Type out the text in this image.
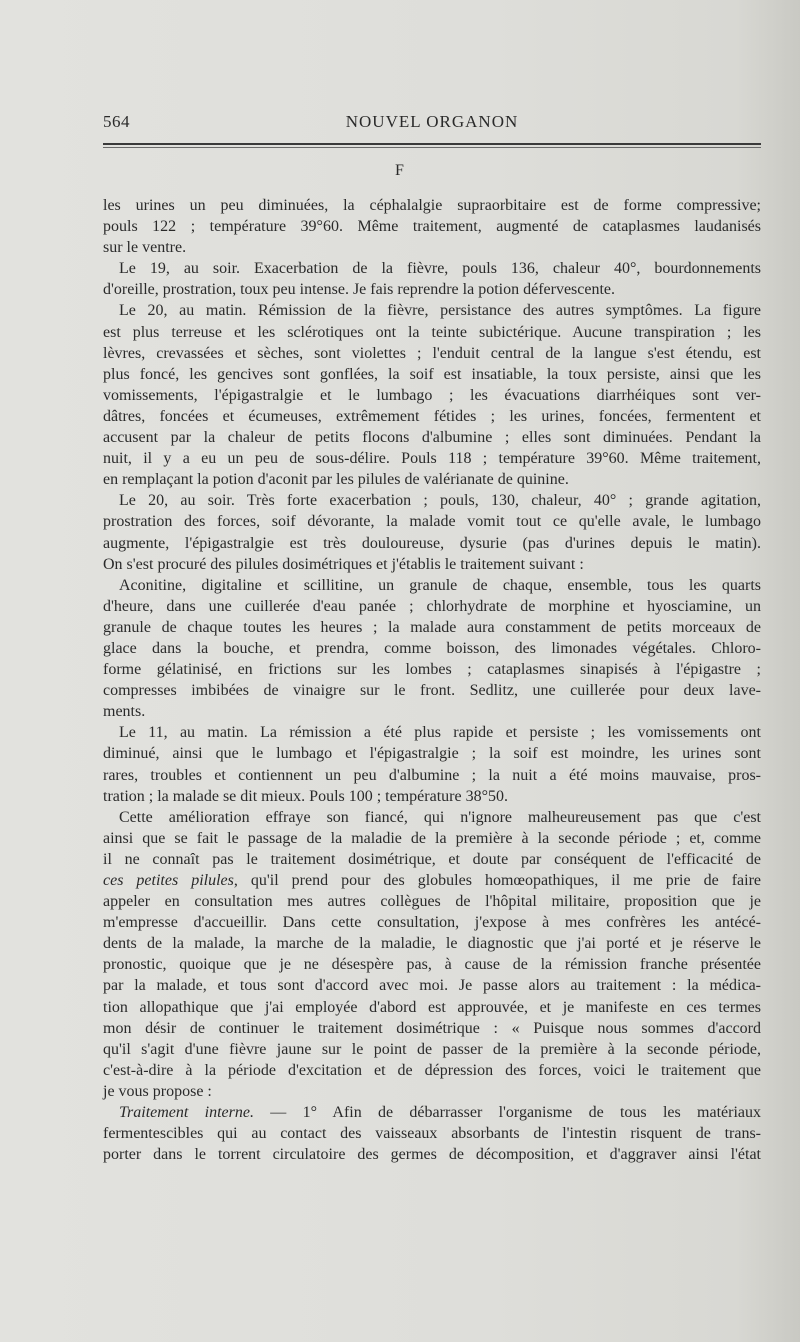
564	NOUVEL ORGANON
F
les urines un peu diminuées, la céphalalgie supraorbitaire est de forme compressive;
pouls 122 ; température 39°60. Même traitement, augmenté de cataplasmes laudanisés
sur le ventre.
Le 19, au soir. Exacerbation de la fièvre, pouls 136, chaleur 40°, bourdonnements
d'oreille, prostration, toux peu intense. Je fais reprendre la potion défervescente.
Le 20, au matin. Rémission de la fièvre, persistance des autres symptômes. La figure
est plus terreuse et les sclérotiques ont la teinte subictérique. Aucune transpiration ; les
lèvres, crevassées et sèches, sont violettes ; l'enduit central de la langue s'est étendu, est
plus foncé, les gencives sont gonflées, la soif est insatiable, la toux persiste, ainsi que les
vomissements, l'épigastralgie et le lumbago ; les évacuations diarrhéiques sont ver-
dâtres, foncées et écumeuses, extrêmement fétides ; les urines, foncées, fermentent et
accusent par la chaleur de petits flocons d'albumine ; elles sont diminuées. Pendant la
nuit, il y a eu un peu de sous-délire. Pouls 118 ; température 39°60. Même traitement,
en remplaçant la potion d'aconit par les pilules de valérianate de quinine.
Le 20, au soir. Très forte exacerbation ; pouls, 130, chaleur, 40° ; grande agitation,
prostration des forces, soif dévorante, la malade vomit tout ce qu'elle avale, le lumbago
augmente, l'épigastralgie est très douloureuse, dysurie (pas d'urines depuis le matin).
On s'est procuré des pilules dosimétriques et j'établis le traitement suivant :
Aconitine, digitaline et scillitine, un granule de chaque, ensemble, tous les quarts
d'heure, dans une cuillerée d'eau panée ; chlorhydrate de morphine et hyosciamine, un
granule de chaque toutes les heures ; la malade aura constamment de petits morceaux de
glace dans la bouche, et prendra, comme boisson, des limonades végétales. Chloro-
forme gélatinisé, en frictions sur les lombes ; cataplasmes sinapisés à l'épigastre ;
compresses imbibées de vinaigre sur le front. Sedlitz, une cuillerée pour deux lave-
ments.
Le 11, au matin. La rémission a été plus rapide et persiste ; les vomissements ont
diminué, ainsi que le lumbago et l'épigastralgie ; la soif est moindre, les urines sont
rares, troubles et contiennent un peu d'albumine ; la nuit a été moins mauvaise, pros-
tration ; la malade se dit mieux. Pouls 100 ; température 38°50.
Cette amélioration effraye son fiancé, qui n'ignore malheureusement pas que c'est
ainsi que se fait le passage de la maladie de la première à la seconde période ; et, comme
il ne connaît pas le traitement dosimétrique, et doute par conséquent de l'efficacité de
ces petites pilules, qu'il prend pour des globules homœopathiques, il me prie de faire
appeler en consultation mes autres collègues de l'hôpital militaire, proposition que je
m'empresse d'accueillir. Dans cette consultation, j'expose à mes confrères les antécé-
dents de la malade, la marche de la maladie, le diagnostic que j'ai porté et je réserve le
pronostic, quoique que je ne désespère pas, à cause de la rémission franche présentée
par la malade, et tous sont d'accord avec moi. Je passe alors au traitement : la médica-
tion allopathique que j'ai employée d'abord est approuvée, et je manifeste en ces termes
mon désir de continuer le traitement dosimétrique : « Puisque nous sommes d'accord
qu'il s'agit d'une fièvre jaune sur le point de passer de la première à la seconde période,
c'est-à-dire à la période d'excitation et de dépression des forces, voici le traitement que
je vous propose :
Traitement interne. — 1° Afin de débarrasser l'organisme de tous les matériaux
fermentescibles qui au contact des vaisseaux absorbants de l'intestin risquent de trans-
porter dans le torrent circulatoire des germes de décomposition, et d'aggraver ainsi l'état
